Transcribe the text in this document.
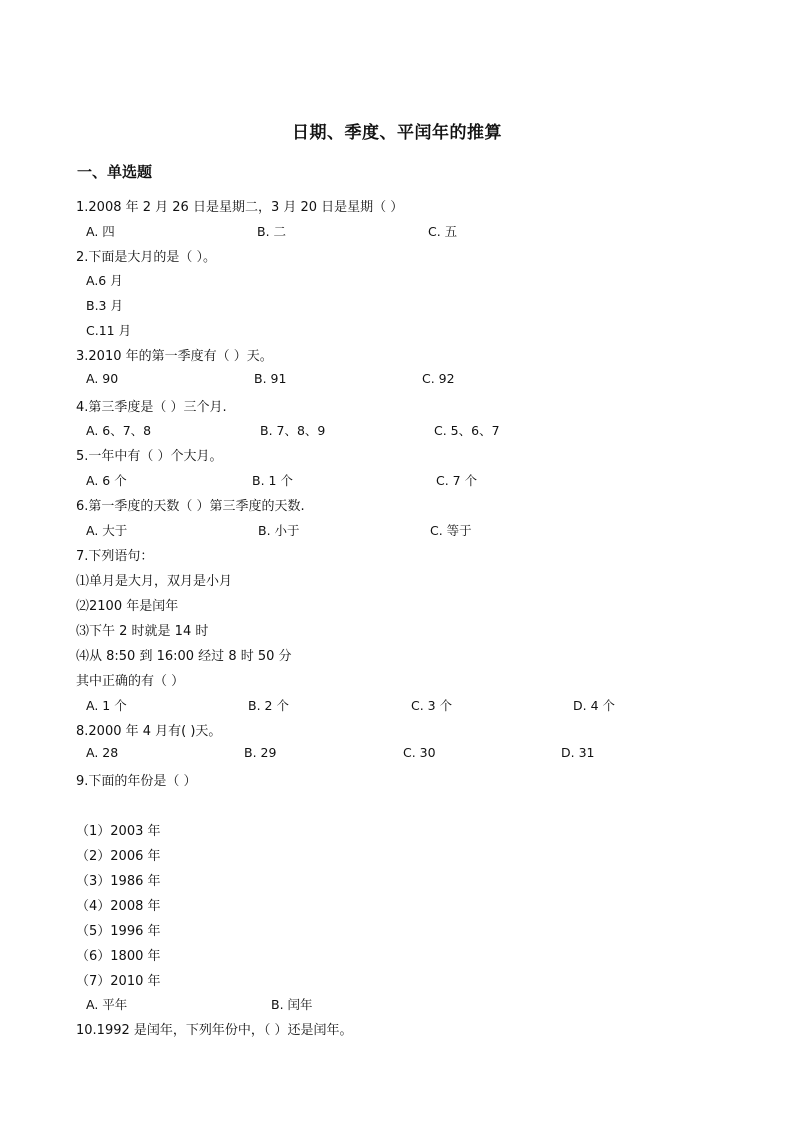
日期、季度、平闰年的推算
一、单选题
1.2008 年 2 月 26 日是星期二，3 月 20 日是星期（ ）
A. 四	B. 二	C. 五
2.下面是大月的是（ ）。
A.6 月
B.3 月
C.11 月
3.2010 年的第一季度有（ ）天。
A. 90	B. 91	C. 92
4.第三季度是（ ）三个月.
A. 6、7、8	B. 7、8、9	C. 5、6、7
5.一年中有（ ）个大月。
A. 6 个	B. 1 个	C. 7 个
6.第一季度的天数（ ）第三季度的天数.
A. 大于	B. 小于	C. 等于
7.下列语句：
⑴单月是大月，双月是小月
⑵2100 年是闰年
⑶下午 2 时就是 14 时
⑷从 8:50 到 16:00 经过 8 时 50 分
其中正确的有（ ）
A. 1 个	B. 2 个	C. 3 个	D. 4 个
8.2000 年 4 月有( )天。
A. 28	B. 29	C. 30	D. 31
9.下面的年份是（ ）
（1）2003 年
（2）2006 年
（3）1986 年
（4）2008 年
（5）1996 年
（6）1800 年
（7）2010 年
A. 平年	B. 闰年
10.1992 是闰年，下列年份中，（ ）还是闰年。
